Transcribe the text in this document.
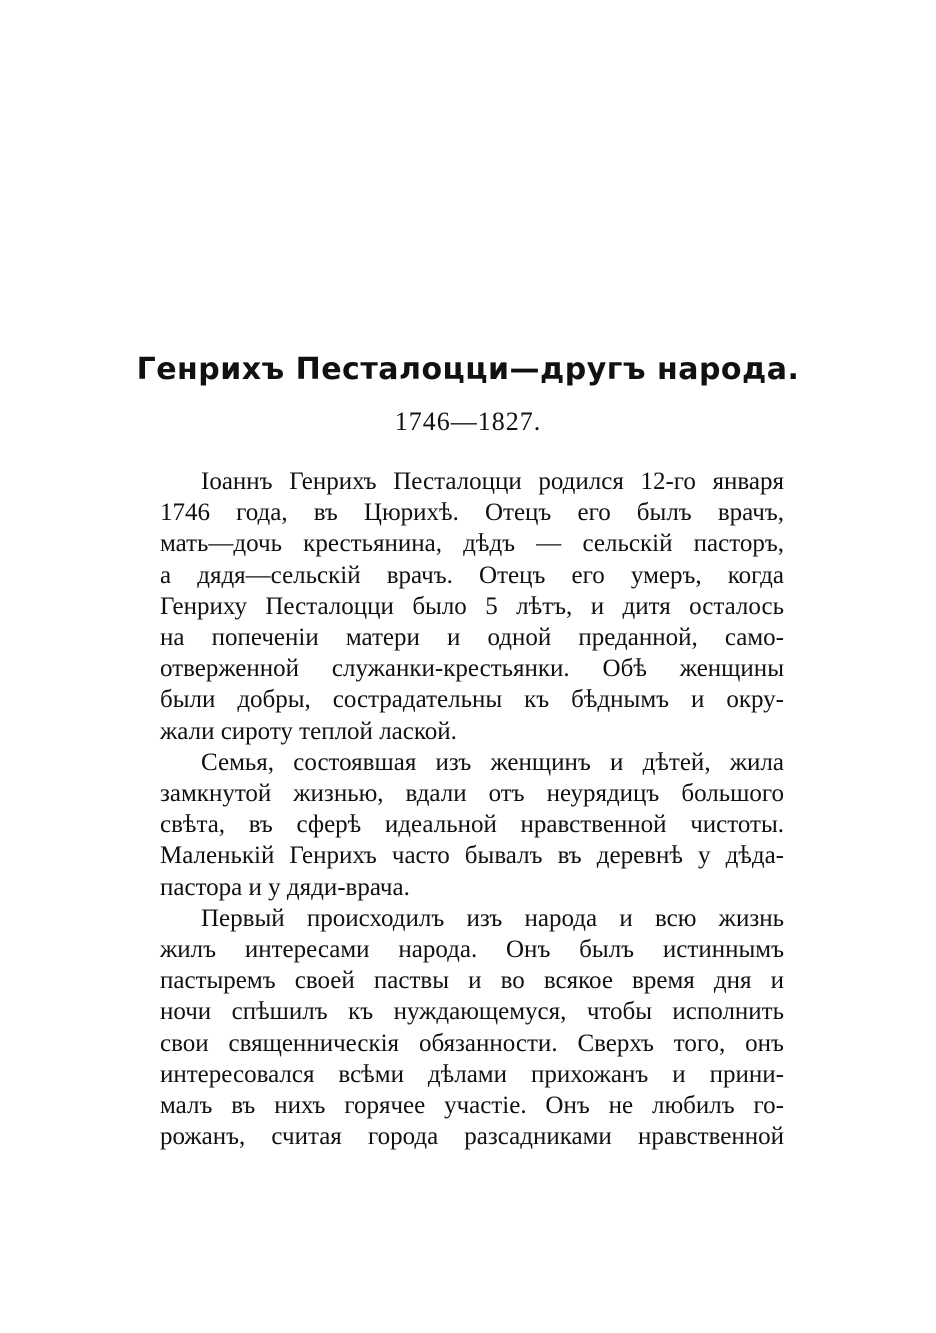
Генрихъ Песталоцци—другъ народа.
1746—1827.

Іоаннъ Генрихъ Песталоцци родился 12-го января
1746 года, въ Цюрихѣ. Отецъ его былъ врачъ,
мать—дочь крестьянина, дѣдъ — сельскій пасторъ,
а дядя—сельскій врачъ. Отецъ его умеръ, когда
Генриху Песталоцци было 5 лѣтъ, и дитя осталось
на попеченіи матери и одной преданной, само-
отверженной служанки-крестьянки. Обѣ женщины
были добры, сострадательны къ бѣднымъ и окру-
жали сироту теплой лаской.

Семья, состоявшая изъ женщинъ и дѣтей, жила
замкнутой жизнью, вдали отъ неурядицъ большого
свѣта, въ сферѣ идеальной нравственной чистоты.
Маленькій Генрихъ часто бывалъ въ деревнѣ у дѣда-
пастора и у дяди-врача.

Первый происходилъ изъ народа и всю жизнь
жилъ интересами народа. Онъ былъ истиннымъ
пастыремъ своей паствы и во всякое время дня и
ночи спѣшилъ къ нуждающемуся, чтобы исполнить
свои священническія обязанности. Сверхъ того, онъ
интересовался всѣми дѣлами прихожанъ и прини-
малъ въ нихъ горячее участіе. Онъ не любилъ го-
рожанъ, считая города разсадниками нравственной
